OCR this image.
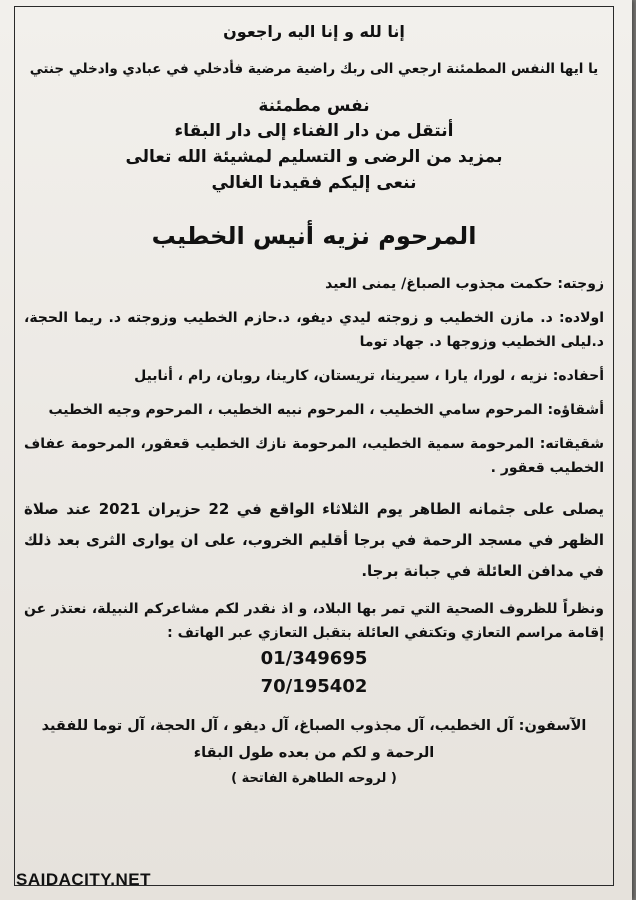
إنا لله و إنا اليه راجعون
يا ايها النفس المطمئنة ارجعي الى ربك راضية مرضية فأدخلي في عبادي وادخلي جنتي
نفس مطمئنة
أنتقل من دار الفناء إلى دار البقاء
بمزيد من الرضى و التسليم لمشيئة الله تعالى
ننعى إليكم فقيدنا الغالي
المرحوم نزيه أنيس الخطيب

زوجته: حكمت مجذوب الصباغ/ يمنى العيد

اولاده: د. مازن الخطيب و زوجته ليدي ديفو، د.حازم الخطيب وزوجته د. ريما الحجة، د.ليلى الخطيب وزوجها د. جهاد توما

أحفاده: نزيه ، لورا، يارا ، سيرينا، تريستان، كارينا، روبان، رام ، أنابيل

أشقاؤه: المرحوم سامي الخطيب ، المرحوم نبيه الخطيب ، المرحوم وجيه الخطيب

شقيقاته: المرحومة سمية الخطيب، المرحومة نازك الخطيب قعقور، المرحومة عفاف الخطيب قعقور .

يصلى على جثمانه الطاهر يوم الثلاثاء الواقع في 22 حزيران 2021 عند صلاة الظهر في مسجد الرحمة في برجا أقليم الخروب، على ان يوارى الثرى بعد ذلك في مدافن العائلة في جبانة برجا.

ونظراً للظروف الصحية التي تمر بها البلاد، و اذ نقدر لكم مشاعركم النبيلة، نعتذر عن إقامة مراسم التعازي وتكتفي العائلة بتقبل التعازي عبر الهاتف :

01/349695
70/195402

الآسفون: آل الخطيب، آل مجذوب الصباغ، آل ديفو ، آل الحجة، آل توما للفقيد الرحمة و لكم من بعده طول البقاء

( لروحه الطاهرة الفاتحة )
SAIDACITY.NET
